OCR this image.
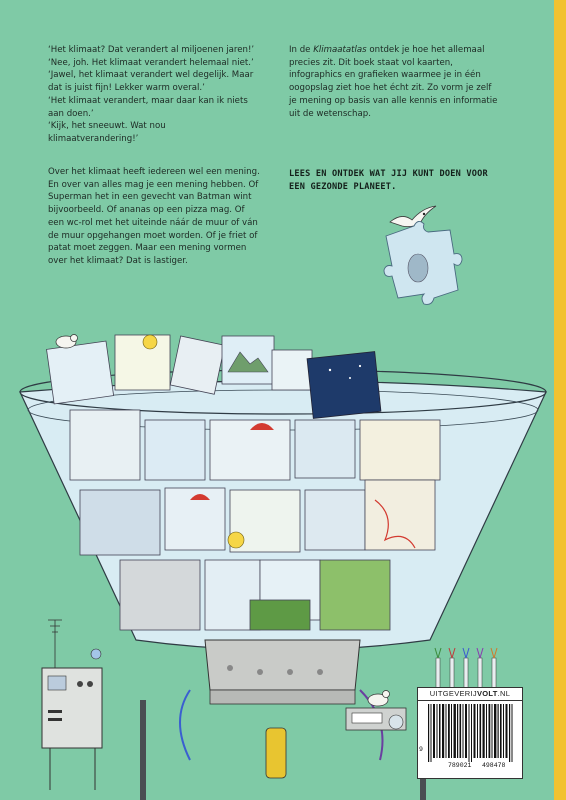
‘Het klimaat? Dat verandert al miljoenen jaren!’

‘Nee, joh. Het klimaat verandert helemaal niet.’

‘Jawel, het klimaat verandert wel degelijk. Maar dat is juist fijn! Lekker warm overal.’

‘Het klimaat verandert, maar daar kan ik niets aan doen.’

‘Kijk, het sneeuwt. Wat nou klimaatverandering!’

Over het klimaat heeft iedereen wel een mening. En over van alles mag je een mening hebben. Of Superman het in een gevecht van Batman wint bijvoorbeeld. Of ananas op een pizza mag. Of een wc-rol met het uiteinde náár de muur of ván de muur opgehangen moet worden. Of je friet of patat moet zeggen. Maar een mening vormen over het klimaat? Dat is lastiger.

In de Klimaatatlas ontdek je hoe het allemaal precies zit. Dit boek staat vol kaarten, infographics en grafieken waarmee je in één oogopslag ziet hoe het écht zit. Zo vorm je zelf je mening op basis van alle kennis en informatie uit de wetenschap.

LEES EN ONTDEK WAT JIJ KUNT DOEN VOOR EEN GEZONDE PLANEET.
UITGEVERIJVOLT.NL
9
789021 498478
